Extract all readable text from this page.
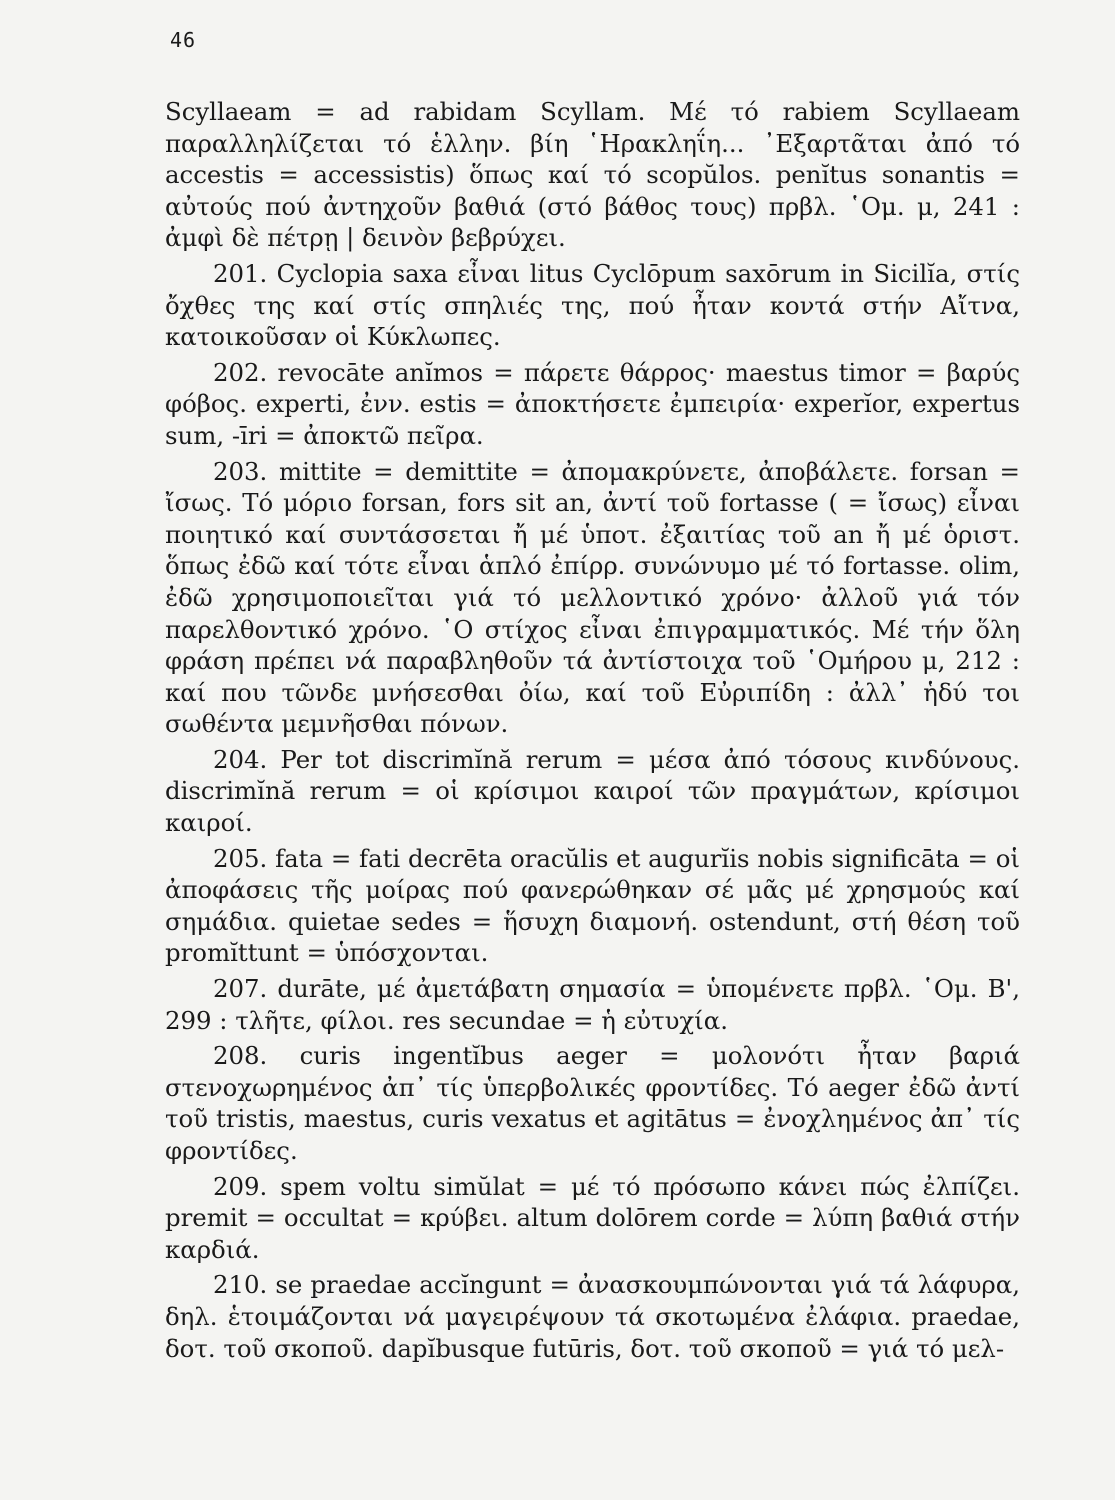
46

Scyllaeam = ad rabidam Scyllam. Μέ τό rabiem Scyllaeam παραλληλίζεται τό ἑλλην. βίη ῾Ηρακληΐη... ᾿Εξαρτᾶται ἀπό τό accestis = accessistis) ὅπως καί τό scopŭlos. penĭtus sonantis = αὐτούς πού ἀντηχοῦν βαθιά (στό βάθος τους) πρβλ. ῾Ομ. μ, 241 : ἀμφὶ δὲ πέτρῃ | δεινὸν βεβρύχει.

201. Cyclopia saxa εἶναι litus Cyclōpum saxōrum in Sicilĭa, στίς ὄχθες της καί στίς σπηλιές της, πού ἦταν κοντά στήν Αἴτνα, κατοικοῦσαν οἱ Κύκλωπες.

202. revocāte anĭmos = πάρετε θάρρος· maestus timor = βαρύς φόβος. experti, ἐνν. estis = ἀποκτήσετε ἐμπειρία· experĭor, expertus sum, -īri = ἀποκτῶ πεῖρα.

203. mittite = demittite = ἀπομακρύνετε, ἀποβάλετε. forsan = ἴσως. Τό μόριο forsan, fors sit an, ἀντί τοῦ fortasse ( = ἴσως) εἶναι ποιητικό καί συντάσσεται ἤ μέ ὑποτ. ἐξαιτίας τοῦ an ἤ μέ ὁριστ. ὅπως ἐδῶ καί τότε εἶναι ἁπλό ἐπίρρ. συνώνυμο μέ τό fortasse. olim, ἐδῶ χρησιμοποιεῖται γιά τό μελλοντικό χρόνο· ἀλλοῦ γιά τόν παρελθοντικό χρόνο. ῾Ο στίχος εἶναι ἐπιγραμματικός. Μέ τήν ὅλη φράση πρέπει νά παραβληθοῦν τά ἀντίστοιχα τοῦ ῾Ομήρου μ, 212 : καί που τῶνδε μνήσεσθαι ὀίω, καί τοῦ Εὐριπίδη : ἀλλ᾿ ἡδύ τοι σωθέντα μεμνῆσθαι πόνων.

204. Per tot discrimĭnă rerum = μέσα ἀπό τόσους κινδύνους. discrimĭnă rerum = οἱ κρίσιμοι καιροί τῶν πραγμάτων, κρίσιμοι καιροί.

205. fata = fati decrēta oracŭlis et augurĭis nobis significāta = οἱ ἀποφάσεις τῆς μοίρας πού φανερώθηκαν σέ μᾶς μέ χρησμούς καί σημάδια. quietae sedes = ἥσυχη διαμονή. ostendunt, στή θέση τοῦ promĭttunt = ὑπόσχονται.

207. durāte, μέ ἀμετάβατη σημασία = ὑπομένετε πρβλ. ῾Ομ. Β', 299 : τλῆτε, φίλοι. res secundae = ἡ εὐτυχία.

208. curis ingentĭbus aeger = μολονότι ἦταν βαριά στενοχωρημένος ἀπ᾿ τίς ὑπερβολικές φροντίδες. Τό aeger ἐδῶ ἀντί τοῦ tristis, maestus, curis vexatus et agitātus = ἐνοχλημένος ἀπ᾿ τίς φροντίδες.

209. spem voltu simŭlat = μέ τό πρόσωπο κάνει πώς ἐλπίζει. premit = occultat = κρύβει. altum dolōrem corde = λύπη βαθιά στήν καρδιά.

210. se praedae accĭngunt = ἀνασκουμπώνονται γιά τά λάφυρα, δηλ. ἑτοιμάζονται νά μαγειρέψουν τά σκοτωμένα ἐλάφια. praedae, δοτ. τοῦ σκοποῦ. dapĭbusque futūris, δοτ. τοῦ σκοποῦ = γιά τό μελ-
